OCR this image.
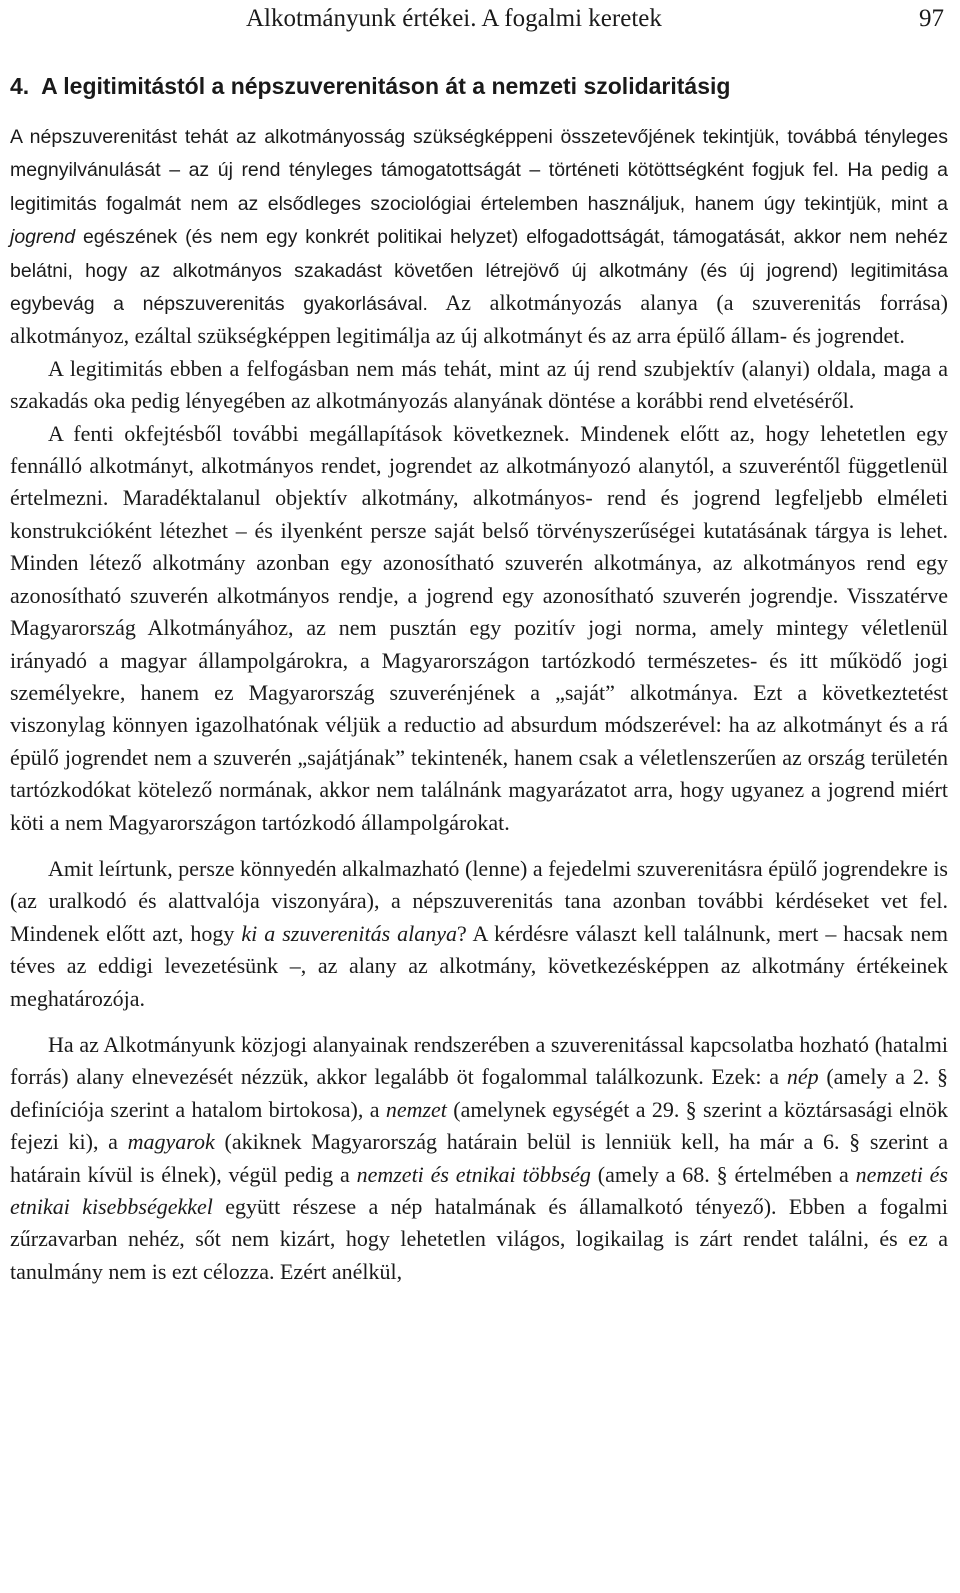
Alkotmányunk értékei. A fogalmi keretek	97
4. A legitimitástól a népszuverenitáson át a nemzeti szolidaritásig

A népszuverenitást tehát az alkotmányosság szükségképpeni összetevőjének tekintjük, továbbá tényleges megnyilvánulását – az új rend tényleges támogatottságát – történeti kötöttségként fogjuk fel. Ha pedig a legitimitás fogalmát nem az elsődleges szociológiai értelemben használjuk, hanem úgy tekintjük, mint a jogrend egészének (és nem egy konkrét politikai helyzet) elfogadottságát, támogatását, akkor nem nehéz belátni, hogy az alkotmányos szakadást követően létrejövő új alkotmány (és új jogrend) legitimitása egybevág a népszuverenitás gyakorlásával. Az alkotmányozás alanya (a szuverenitás forrása) alkotmányoz, ezáltal szükségképpen legitimálja az új alkotmányt és az arra épülő állam- és jogrendet.

A legitimitás ebben a felfogásban nem más tehát, mint az új rend szubjektív (alanyi) oldala, maga a szakadás oka pedig lényegében az alkotmányozás alanyának döntése a korábbi rend elvetéséről.

A fenti okfejtésből további megállapítások következnek. Mindenek előtt az, hogy lehetetlen egy fennálló alkotmányt, alkotmányos rendet, jogrendet az alkotmányozó alanytól, a szuveréntől függetlenül értelmezni. Maradéktalanul objektív alkotmány, alkotmányos- rend és jogrend legfeljebb elméleti konstrukcióként létezhet – és ilyenként persze saját belső törvényszerűségei kutatásának tárgya is lehet. Minden létező alkotmány azonban egy azonosítható szuverén alkotmánya, az alkotmányos rend egy azonosítható szuverén alkotmányos rendje, a jogrend egy azonosítható szuverén jogrendje. Visszatérve Magyarország Alkotmányához, az nem pusztán egy pozitív jogi norma, amely mintegy véletlenül irányadó a magyar állampolgárokra, a Magyarországon tartózkodó természetes- és itt működő jogi személyekre, hanem ez Magyarország szuverénjének a „saját” alkotmánya. Ezt a következtetést viszonylag könnyen igazolhatónak véljük a reductio ad absurdum módszerével: ha az alkotmányt és a rá épülő jogrendet nem a szuverén „sajátjának” tekintenék, hanem csak a véletlenszerűen az ország területén tartózkodókat kötelező normának, akkor nem találnánk magyarázatot arra, hogy ugyanez a jogrend miért köti a nem Magyarországon tartózkodó állampolgárokat.

Amit leírtunk, persze könnyedén alkalmazható (lenne) a fejedelmi szuverenitásra épülő jogrendekre is (az uralkodó és alattvalója viszonyára), a népszuverenitás tana azonban további kérdéseket vet fel. Mindenek előtt azt, hogy ki a szuverenitás alanya? A kérdésre választ kell találnunk, mert – hacsak nem téves az eddigi levezetésünk –, az alany az alkotmány, következésképpen az alkotmány értékeinek meghatározója.

Ha az Alkotmányunk közjogi alanyainak rendszerében a szuverenitással kapcsolatba hozható (hatalmi forrás) alany elnevezését nézzük, akkor legalább öt fogalommal találkozunk. Ezek: a nép (amely a 2. § definíciója szerint a hatalom birtokosa), a nemzet (amelynek egységét a 29. § szerint a köztársasági elnök fejezi ki), a magyarok (akiknek Magyarország határain belül is lenniük kell, ha már a 6. § szerint a határain kívül is élnek), végül pedig a nemzeti és etnikai többség (amely a 68. § értelmében a nemzeti és etnikai kisebbségekkel együtt részese a nép hatalmának és államalkotó tényező). Ebben a fogalmi zűrzavarban nehéz, sőt nem kizárt, hogy lehetetlen világos, logikailag is zárt rendet találni, és ez a tanulmány nem is ezt célozza. Ezért anélkül,
